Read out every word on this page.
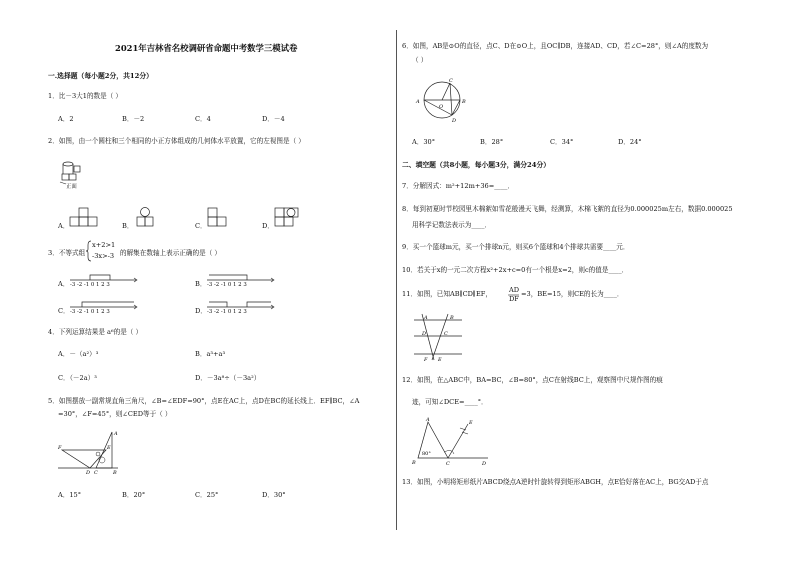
2021年吉林省名校调研省命题中考数学三模试卷
一.选择题（每小题2分，共12分）
1．比－3大1的数是（ ）
A．2	B．－2	C．4	D．－4
2．如图，由一个圆柱和三个相同的小正方体组成的几何体水平放置，它的左视图是（ ）
正面
A．	B．	C．	D．
3．不等式组
x+2>1
-3x>-3 的解集在数轴上表示正确的是（ ）
A． -3 -2 -1 0 1 2 3	B． -3 -2 -1 0 1 2 3
C． -3 -2 -1 0 1 2 3	D． -3 -2 -1 0 1 2 3
4．下列运算结果是 a⁶的是（ ）
A．－（a²）³	B．a³+a³
C．（－2a）³	D．－3a⁸÷（－3a²）
5．如图摆放一副常规直角三角尺，∠B=∠EDF=90°，点E在AC上，点D在BC的延长线上．EF∥BC，∠A
=30°，∠F=45°，则∠CED等于（ ）
A
F	E
D	B
C
A．15°	B．20°	C．25°	D．30°
6．如图，AB是⊙O的直径，点C、D在⊙O上，且OC∥DB，连接AD、CD，若∠C=28°，则∠A的度数为
（ ）
A	B
C
D
O
A．30°	B．28°	C．34°	D．24°
二、填空题（共8小题，每小题3分，满分24分）
7．分解因式：m²+12m+36=____．
8．每到初夏时节校园里木棉絮如雪花般漫天飞舞，经测算，木棉飞絮的直径为0.000025m左右，数据0.000025
用科学记数法表示为____．
9．买一个篮球m元，买一个排球n元，则买6个篮球和4个排球共需要____元．
10．若关于x的一元二次方程x²+2x+c=0有一个根是x=2，则c的值是____．
11．如图，已知AB∥CD∥EF，	AD
DF
=3，BE=15，则CE的长为____．
A	B
C
D
E
F
12．如图，在△ABC中，BA=BC，∠B=80°，点C在射线BC上，观察图中尺规作图的痕
迹，可知∠DCE=____°．
A
B	C	D
E
80°
13．如图，小明将矩形纸片ABCD绕点A逆时针旋转得到矩形ABGH，点E恰好落在AC上，BG交AD于点
